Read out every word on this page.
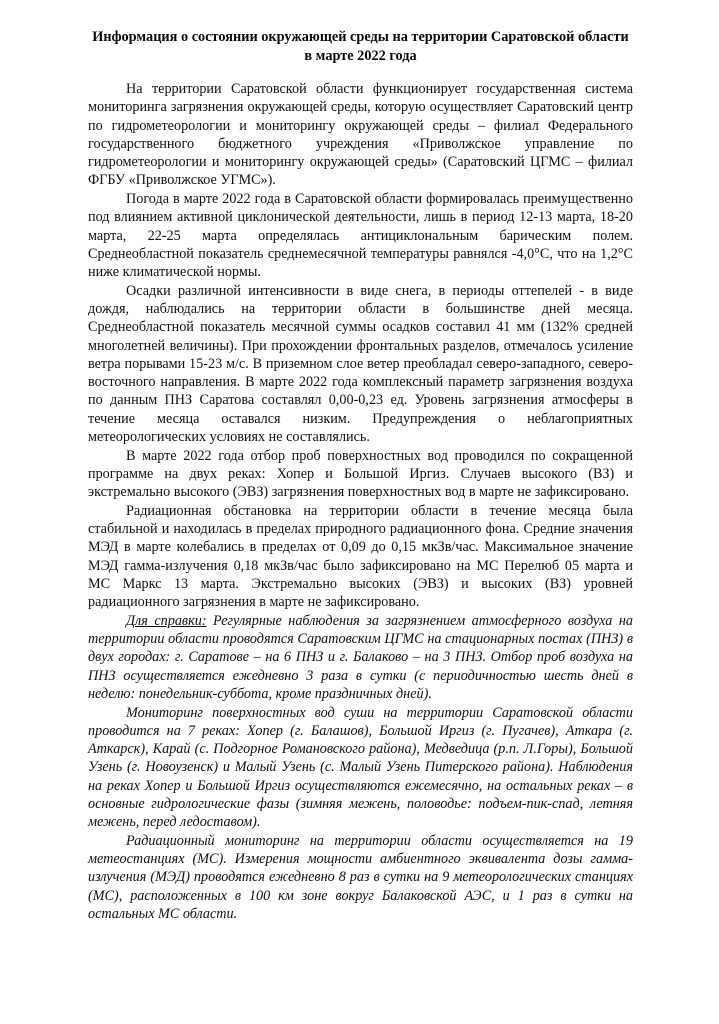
Информация о состоянии окружающей среды на территории Саратовской области в марте 2022 года

На территории Саратовской области функционирует государственная система мониторинга загрязнения окружающей среды, которую осуществляет Саратовский центр по гидрометеорологии и мониторингу окружающей среды – филиал Федерального государственного бюджетного учреждения «Приволжское управление по гидрометеорологии и мониторингу окружающей среды» (Саратовский ЦГМС – филиал ФГБУ «Приволжское УГМС»).

Погода в марте 2022 года в Саратовской области формировалась преимущественно под влиянием активной циклонической деятельности, лишь в период 12-13 марта, 18-20 марта, 22-25 марта определялась антициклональным барическим полем. Среднеобластной показатель среднемесячной температуры равнялся -4,0°С, что на 1,2°С ниже климатической нормы.

Осадки различной интенсивности в виде снега, в периоды оттепелей - в виде дождя, наблюдались на территории области в большинстве дней месяца. Среднеобластной показатель месячной суммы осадков составил 41 мм (132% средней многолетней величины). При прохождении фронтальных разделов, отмечалось усиление ветра порывами 15-23 м/с. В приземном слое ветер преобладал северо-западного, северо-восточного направления. В марте 2022 года комплексный параметр загрязнения воздуха по данным ПНЗ Саратова составлял 0,00-0,23 ед. Уровень загрязнения атмосферы в течение месяца оставался низким. Предупреждения о неблагоприятных метеорологических условиях не составлялись.

В марте 2022 года отбор проб поверхностных вод проводился по сокращенной программе на двух реках: Хопер и Большой Иргиз. Случаев высокого (ВЗ) и экстремально высокого (ЭВЗ) загрязнения поверхностных вод в марте не зафиксировано.

Радиационная обстановка на территории области в течение месяца была стабильной и находилась в пределах природного радиационного фона. Средние значения МЭД в марте колебались в пределах от 0,09 до 0,15 мкЗв/час. Максимальное значение МЭД гамма-излучения 0,18 мкЗв/час было зафиксировано на МС Перелюб 05 марта и МС Маркс 13 марта. Экстремально высоких (ЭВЗ) и высоких (ВЗ) уровней радиационного загрязнения в марте не зафиксировано.

Для справки: Регулярные наблюдения за загрязнением атмосферного воздуха на территории области проводятся Саратовским ЦГМС на стационарных постах (ПНЗ) в двух городах: г. Саратове – на 6 ПНЗ и г. Балаково – на 3 ПНЗ. Отбор проб воздуха на ПНЗ осуществляется ежедневно 3 раза в сутки (с периодичностью шесть дней в неделю: понедельник-суббота, кроме праздничных дней).

Мониторинг поверхностных вод суши на территории Саратовской области проводится на 7 реках: Хопер (г. Балашов), Большой Иргиз (г. Пугачев), Аткара (г. Аткарск), Карай (с. Подгорное Романовского района), Медведица (р.п. Л.Горы), Большой Узень (г. Новоузенск) и Малый Узень (с. Малый Узень Питерского района). Наблюдения на реках Хопер и Большой Иргиз осуществляются ежемесячно, на остальных реках – в основные гидрологические фазы (зимняя межень, половодье: подъем-пик-спад, летняя межень, перед ледоставом).

Радиационный мониторинг на территории области осуществляется на 19 метеостанциях (МС). Измерения мощности амбиентного эквивалента дозы гамма-излучения (МЭД) проводятся ежедневно 8 раз в сутки на 9 метеорологических станциях (МС), расположенных в 100 км зоне вокруг Балаковской АЭС, и 1 раз в сутки на остальных МС области.
